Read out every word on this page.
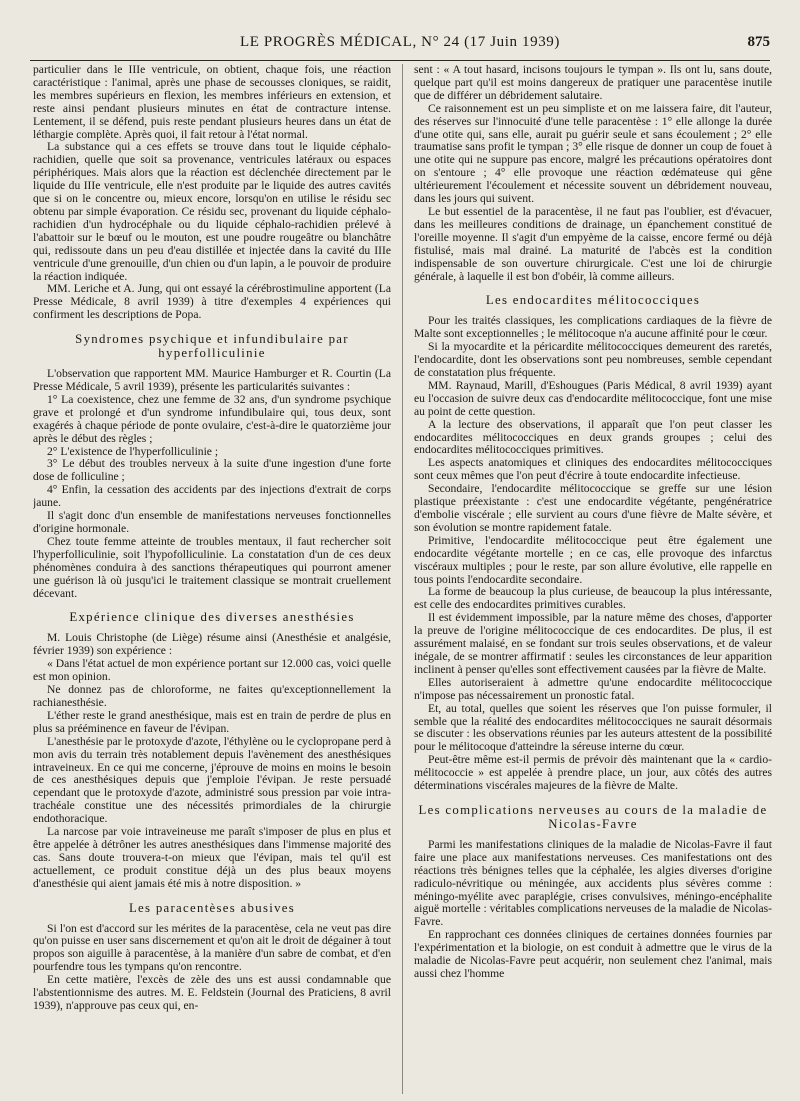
LE PROGRÈS MÉDICAL, N° 24 (17 Juin 1939)	875

particulier dans le IIIe ventricule, on obtient, chaque fois, une réaction caractéristique : l'animal, après une phase de secousses cloniques, se raidit, les membres supérieurs en flexion, les membres inférieurs en extension, et reste ainsi pendant plusieurs minutes en état de contracture intense. Lentement, il se défend, puis reste pendant plusieurs heures dans un état de léthargie complète. Après quoi, il fait retour à l'état normal.

La substance qui a ces effets se trouve dans tout le liquide céphalo-rachidien, quelle que soit sa provenance, ventricules latéraux ou espaces périphériques. Mais alors que la réaction est déclenchée directement par le liquide du IIIe ventricule, elle n'est produite par le liquide des autres cavités que si on le concentre ou, mieux encore, lorsqu'on en utilise le résidu sec obtenu par simple évaporation. Ce résidu sec, provenant du liquide céphalo-rachidien d'un hydrocéphale ou du liquide céphalo-rachidien prélevé à l'abattoir sur le bœuf ou le mouton, est une poudre rougeâtre ou blanchâtre qui, redissoute dans un peu d'eau distillée et injectée dans la cavité du IIIe ventricule d'une grenouille, d'un chien ou d'un lapin, a le pouvoir de produire la réaction indiquée.

MM. Leriche et A. Jung, qui ont essayé la cérébrostimuline apportent (La Presse Médicale, 8 avril 1939) à titre d'exemples 4 expériences qui confirment les descriptions de Popa.

Syndromes psychique et infundibulaire par hyperfolliculinie

L'observation que rapportent MM. Maurice Hamburger et R. Courtin (La Presse Médicale, 5 avril 1939), présente les particularités suivantes :

1° La coexistence, chez une femme de 32 ans, d'un syndrome psychique grave et prolongé et d'un syndrome infundibulaire qui, tous deux, sont exagérés à chaque période de ponte ovulaire, c'est-à-dire le quatorzième jour après le début des règles ;

2° L'existence de l'hyperfolliculinie ;

3° Le début des troubles nerveux à la suite d'une ingestion d'une forte dose de folliculine ;

4° Enfin, la cessation des accidents par des injections d'extrait de corps jaune.

Il s'agit donc d'un ensemble de manifestations nerveuses fonctionnelles d'origine hormonale.

Chez toute femme atteinte de troubles mentaux, il faut rechercher soit l'hyperfolliculinie, soit l'hypofolliculinie. La constatation d'un de ces deux phénomènes conduira à des sanctions thérapeutiques qui pourront amener une guérison là où jusqu'ici le traitement classique se montrait cruellement décevant.

Expérience clinique des diverses anesthésies

M. Louis Christophe (de Liège) résume ainsi (Anesthésie et analgésie, février 1939) son expérience :

« Dans l'état actuel de mon expérience portant sur 12.000 cas, voici quelle est mon opinion.

Ne donnez pas de chloroforme, ne faites qu'exceptionnellement la rachianesthésie.

L'éther reste le grand anesthésique, mais est en train de perdre de plus en plus sa prééminence en faveur de l'évipan.

L'anesthésie par le protoxyde d'azote, l'éthylène ou le cyclopropane perd à mon avis du terrain très notablement depuis l'avènement des anesthésiques intraveineux. En ce qui me concerne, j'éprouve de moins en moins le besoin de ces anesthésiques depuis que j'emploie l'évipan. Je reste persuadé cependant que le protoxyde d'azote, administré sous pression par voie intra-trachéale constitue une des nécessités primordiales de la chirurgie endothoracique.

La narcose par voie intraveineuse me paraît s'imposer de plus en plus et être appelée à détrôner les autres anesthésiques dans l'immense majorité des cas. Sans doute trouvera-t-on mieux que l'évipan, mais tel qu'il est actuellement, ce produit constitue déjà un des plus beaux moyens d'anesthésie qui aient jamais été mis à notre disposition. »

Les paracentèses abusives

Si l'on est d'accord sur les mérites de la paracentèse, cela ne veut pas dire qu'on puisse en user sans discernement et qu'on ait le droit de dégainer à tout propos son aiguille à paracentèse, à la manière d'un sabre de combat, et d'en pourfendre tous les tympans qu'on rencontre.

En cette matière, l'excès de zèle des uns est aussi condamnable que l'abstentionnisme des autres. M. E. Feldstein (Journal des Praticiens, 8 avril 1939), n'approuve pas ceux qui, en-

sent : « A tout hasard, incisons toujours le tympan ». Ils ont lu, sans doute, quelque part qu'il est moins dangereux de pratiquer une paracentèse inutile que de différer un débridement salutaire.

Ce raisonnement est un peu simpliste et on me laissera faire, dit l'auteur, des réserves sur l'innocuité d'une telle paracentèse : 1° elle allonge la durée d'une otite qui, sans elle, aurait pu guérir seule et sans écoulement ; 2° elle traumatise sans profit le tympan ; 3° elle risque de donner un coup de fouet à une otite qui ne suppure pas encore, malgré les précautions opératoires dont on s'entoure ; 4° elle provoque une réaction œdémateuse qui gêne ultérieurement l'écoulement et nécessite souvent un débridement nouveau, dans les jours qui suivent.

Le but essentiel de la paracentèse, il ne faut pas l'oublier, est d'évacuer, dans les meilleures conditions de drainage, un épanchement constitué de l'oreille moyenne. Il s'agit d'un empyème de la caisse, encore fermé ou déjà fistulisé, mais mal drainé. La maturité de l'abcès est la condition indispensable de son ouverture chirurgicale. C'est une loi de chirurgie générale, à laquelle il est bon d'obéir, là comme ailleurs.

Les endocardites mélitococciques

Pour les traités classiques, les complications cardiaques de la fièvre de Malte sont exceptionnelles ; le mélitocoque n'a aucune affinité pour le cœur.

Si la myocardite et la péricardite mélitococciques demeurent des raretés, l'endocardite, dont les observations sont peu nombreuses, semble cependant de constatation plus fréquente.

MM. Raynaud, Marill, d'Eshougues (Paris Médical, 8 avril 1939) ayant eu l'occasion de suivre deux cas d'endocardite mélitococcique, font une mise au point de cette question.

A la lecture des observations, il apparaît que l'on peut classer les endocardites mélitococciques en deux grands groupes ; celui des endocardites mélitococciques primitives.

Les aspects anatomiques et cliniques des endocardites mélitococciques sont ceux mêmes que l'on peut d'écrire à toute endocardite infectieuse.

Secondaire, l'endocardite mélitococcique se greffe sur une lésion plastique préexistante : c'est une endocardite végétante, pengénératrice d'embolie viscérale ; elle survient au cours d'une fièvre de Malte sévère, et son évolution se montre rapidement fatale.

Primitive, l'endocardite mélitococcique peut être également une endocardite végétante mortelle ; en ce cas, elle provoque des infarctus viscéraux multiples ; pour le reste, par son allure évolutive, elle rappelle en tous points l'endocardite secondaire.

La forme de beaucoup la plus curieuse, de beaucoup la plus intéressante, est celle des endocardites primitives curables.

Il est évidemment impossible, par la nature même des choses, d'apporter la preuve de l'origine mélitococcique de ces endocardites. De plus, il est assurément malaisé, en se fondant sur trois seules observations, et de valeur inégale, de se montrer affirmatif : seules les circonstances de leur apparition inclinent à penser qu'elles sont effectivement causées par la fièvre de Malte.

Elles autoriseraient à admettre qu'une endocardite mélitococcique n'impose pas nécessairement un pronostic fatal.

Et, au total, quelles que soient les réserves que l'on puisse formuler, il semble que la réalité des endocardites mélitococciques ne saurait désormais se discuter : les observations réunies par les auteurs attestent de la possibilité pour le mélitocoque d'atteindre la séreuse interne du cœur.

Peut-être même est-il permis de prévoir dès maintenant que la « cardio-mélitococcie » est appelée à prendre place, un jour, aux côtés des autres déterminations viscérales majeures de la fièvre de Malte.

Les complications nerveuses au cours de la maladie de Nicolas-Favre

Parmi les manifestations cliniques de la maladie de Nicolas-Favre il faut faire une place aux manifestations nerveuses. Ces manifestations ont des réactions très bénignes telles que la céphalée, les algies diverses d'origine radiculo-névritique ou méningée, aux accidents plus sévères comme : méningo-myélite avec paraplégie, crises convulsives, méningo-encéphalite aiguë mortelle : véritables complications nerveuses de la maladie de Nicolas-Favre.

En rapprochant ces données cliniques de certaines données fournies par l'expérimentation et la biologie, on est conduit à admettre que le virus de la maladie de Nicolas-Favre peut acquérir, non seulement chez l'animal, mais aussi chez l'homme
